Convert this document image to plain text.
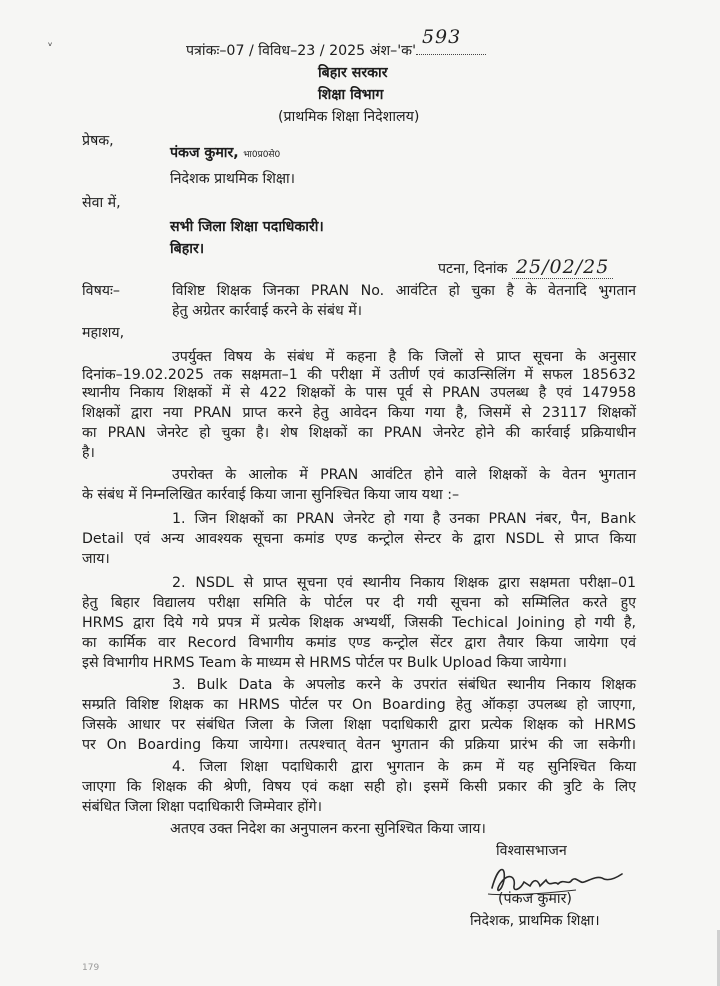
ᵥ
पत्रांकः–07 / विविध–23 / 2025 अंश–'क'
593
बिहार सरकार
शिक्षा विभाग
(प्राथमिक शिक्षा निदेशालय)
प्रेषक,
पंकज कुमार, भा0प्र0से0
निदेशक प्राथमिक शिक्षा।
सेवा में,
सभी जिला शिक्षा पदाधिकारी।
बिहार।
पटना, दिनांक 25/02/25
विषयः–	विशिष्ट शिक्षक जिनका PRAN No. आवंटित हो चुका है के वेतनादि भुगतान
हेतु अग्रेतर कार्रवाई करने के संबंध में।
महाशय,
उपर्युक्त विषय के संबंध में कहना है कि जिलों से प्राप्त सूचना के अनुसार
दिनांक–19.02.2025 तक सक्षमता–1 की परीक्षा में उतीर्ण एवं काउन्सिलिंग में सफल 185632
स्थानीय निकाय शिक्षकों में से 422 शिक्षकों के पास पूर्व से PRAN उपलब्ध है एवं 147958
शिक्षकों द्वारा नया PRAN प्राप्त करने हेतु आवेदन किया गया है, जिसमें से 23117 शिक्षकों
का PRAN जेनरेट हो चुका है। शेष शिक्षकों का PRAN जेनरेट होने की कार्रवाई प्रक्रियाधीन
है।
उपरोक्त के आलोक में PRAN आवंटित होने वाले शिक्षकों के वेतन भुगतान
के संबंध में निम्नलिखित कार्रवाई किया जाना सुनिश्चित किया जाय यथा :–
1. जिन शिक्षकों का PRAN जेनरेट हो गया है उनका PRAN नंबर, पैन, Bank
Detail एवं अन्य आवश्यक सूचना कमांड एण्ड कन्ट्रोल सेन्टर के द्वारा NSDL से प्राप्त किया
जाय।
2. NSDL से प्राप्त सूचना एवं स्थानीय निकाय शिक्षक द्वारा सक्षमता परीक्षा–01
हेतु बिहार विद्यालय परीक्षा समिति के पोर्टल पर दी गयी सूचना को सम्मिलित करते हुए
HRMS द्वारा दिये गये प्रपत्र में प्रत्येक शिक्षक अभ्यर्थी, जिसकी Techical Joining हो गयी है,
का कार्मिक वार Record विभागीय कमांड एण्ड कन्ट्रोल सेंटर द्वारा तैयार किया जायेगा एवं
इसे विभागीय HRMS Team के माध्यम से HRMS पोर्टल पर Bulk Upload किया जायेगा।
3. Bulk Data के अपलोड करने के उपरांत संबंधित स्थानीय निकाय शिक्षक
सम्प्रति विशिष्ट शिक्षक का HRMS पोर्टल पर On Boarding हेतु ऑकड़ा उपलब्ध हो जाएगा,
जिसके आधार पर संबंधित जिला के जिला शिक्षा पदाधिकारी द्वारा प्रत्येक शिक्षक को HRMS
पर On Boarding किया जायेगा। तत्पश्चात् वेतन भुगतान की प्रक्रिया प्रारंभ की जा सकेगी।
4. जिला शिक्षा पदाधिकारी द्वारा भुगतान के क्रम में यह सुनिश्चित किया
जाएगा कि शिक्षक की श्रेणी, विषय एवं कक्षा सही हो। इसमें किसी प्रकार की त्रुटि के लिए
संबंधित जिला शिक्षा पदाधिकारी जिम्मेवार होंगे।
अतएव उक्त निदेश का अनुपालन करना सुनिश्चित किया जाय।
विश्वासभाजन
(पंकज कुमार)
निदेशक, प्राथमिक शिक्षा।
179
